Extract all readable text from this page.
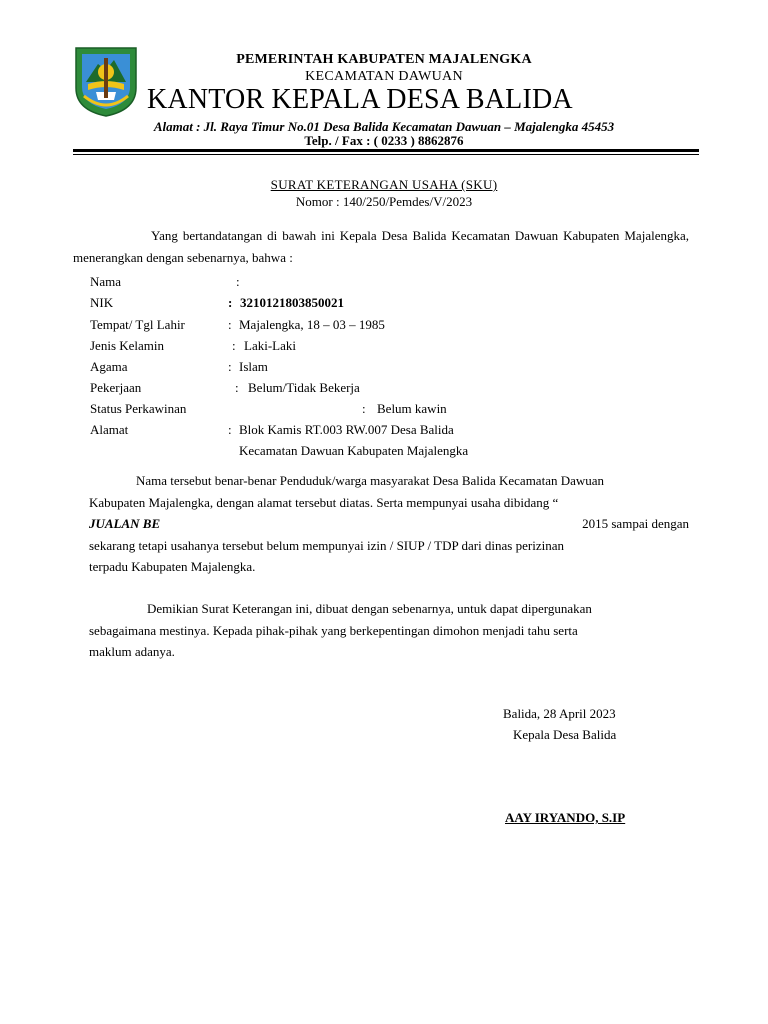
PEMERINTAH KABUPATEN MAJALENGKA
KECAMATAN DAWUAN
KANTOR KEPALA DESA BALIDA
Alamat : Jl. Raya Timur No.01 Desa Balida Kecamatan Dawuan – Majalengka 45453
Telp. / Fax : ( 0233 ) 8862876
SURAT KETERANGAN USAHA (SKU)
Nomor : 140/250/Pemdes/V/2023
Yang bertandatangan di bawah ini Kepala Desa Balida Kecamatan Dawuan Kabupaten Majalengka, menerangkan dengan sebenarnya, bahwa :
Nama	:
NIK	: 3210121803850021
Tempat/ Tgl Lahir	: Majalengka, 18 – 03 – 1985
Jenis Kelamin	: Laki-Laki
Agama	: Islam
Pekerjaan	: Belum/Tidak Bekerja
Status Perkawinan	: Belum kawin
Alamat	: Blok Kamis RT.003 RW.007 Desa Balida
Kecamatan Dawuan Kabupaten Majalengka
Nama tersebut benar-benar Penduduk/warga masyarakat Desa Balida Kecamatan Dawuan
Kabupaten Majalengka, dengan alamat tersebut diatas. Serta mempunyai usaha dibidang “
JUALAN BE	2015 sampai dengan
sekarang tetapi usahanya tersebut belum mempunyai izin / SIUP / TDP dari dinas perizinan
terpadu Kabupaten Majalengka.
Demikian Surat Keterangan ini, dibuat dengan sebenarnya, untuk dapat dipergunakan
sebagaimana mestinya. Kepada pihak-pihak yang berkepentingan dimohon menjadi tahu serta
maklum adanya.
Balida, 28 April 2023
Kepala Desa Balida
AAY IRYANDO, S.IP
